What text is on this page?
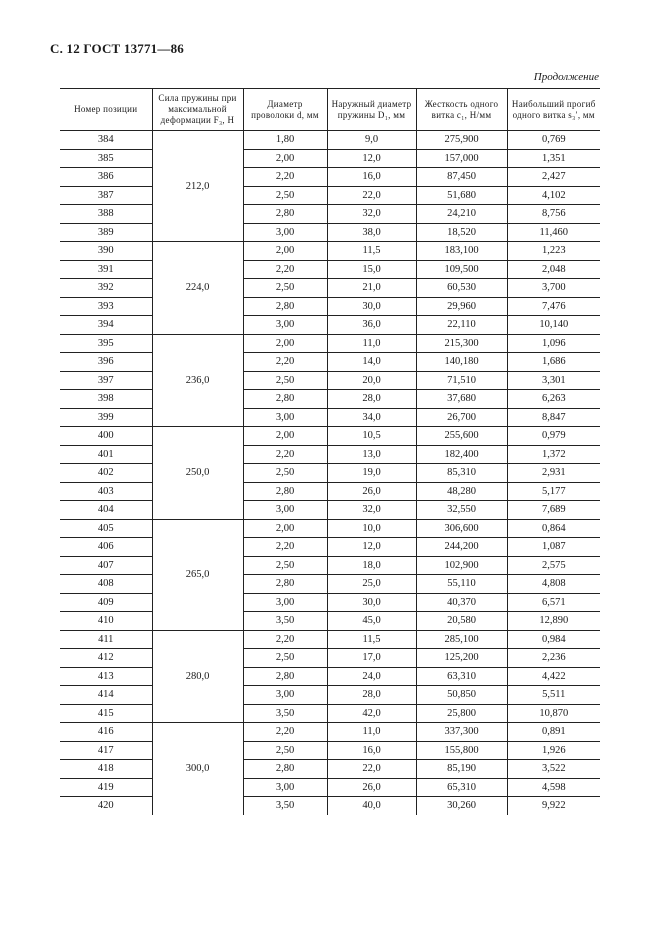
С. 12 ГОСТ 13771—86
Продолжение
Номер позиции	Сила пружины при максимальной деформации F₃, Н	Диаметр проволоки d, мм	Наружный диаметр пружины D₁, мм	Жесткость одного витка c₁, Н/мм	Наибольший прогиб одного витка s₃′, мм
384	212,0	1,80	9,0	275,900	0,769
385		2,00	12,0	157,000	1,351
386		2,20	16,0	87,450	2,427
387		2,50	22,0	51,680	4,102
388		2,80	32,0	24,210	8,756
389		3,00	38,0	18,520	11,460
390	224,0	2,00	11,5	183,100	1,223
391		2,20	15,0	109,500	2,048
392		2,50	21,0	60,530	3,700
393		2,80	30,0	29,960	7,476
394		3,00	36,0	22,110	10,140
395	236,0	2,00	11,0	215,300	1,096
396		2,20	14,0	140,180	1,686
397		2,50	20,0	71,510	3,301
398		2,80	28,0	37,680	6,263
399		3,00	34,0	26,700	8,847
400	250,0	2,00	10,5	255,600	0,979
401		2,20	13,0	182,400	1,372
402		2,50	19,0	85,310	2,931
403		2,80	26,0	48,280	5,177
404		3,00	32,0	32,550	7,689
405	265,0	2,00	10,0	306,600	0,864
406		2,20	12,0	244,200	1,087
407		2,50	18,0	102,900	2,575
408		2,80	25,0	55,110	4,808
409		3,00	30,0	40,370	6,571
410		3,50	45,0	20,580	12,890
411	280,0	2,20	11,5	285,100	0,984
412		2,50	17,0	125,200	2,236
413		2,80	24,0	63,310	4,422
414		3,00	28,0	50,850	5,511
415		3,50	42,0	25,800	10,870
416	300,0	2,20	11,0	337,300	0,891
417		2,50	16,0	155,800	1,926
418		2,80	22,0	85,190	3,522
419		3,00	26,0	65,310	4,598
420		3,50	40,0	30,260	9,922
